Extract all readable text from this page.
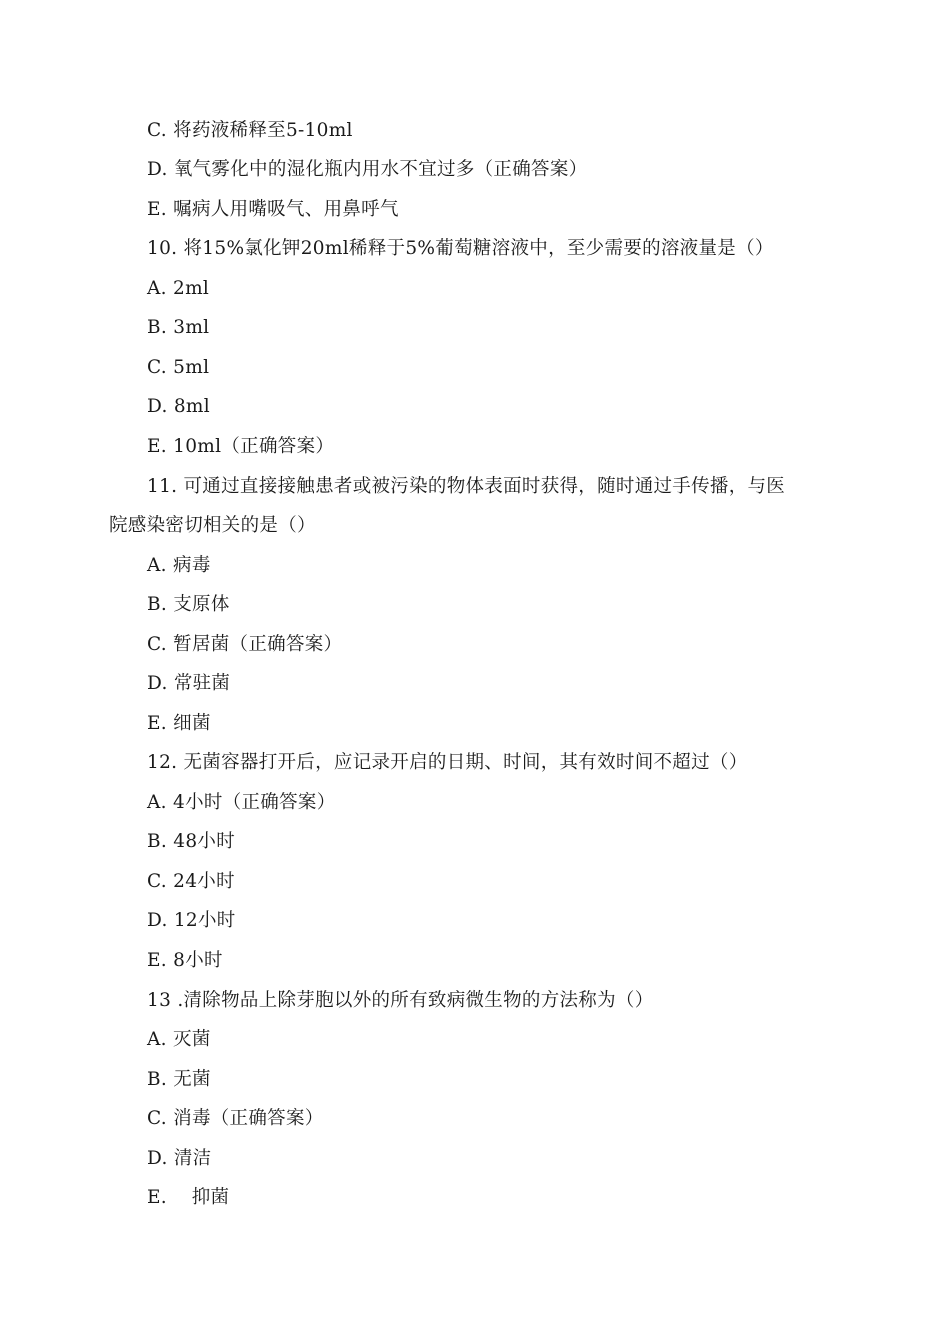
C. 将药液稀释至5-10ml
D. 氧气雾化中的湿化瓶内用水不宜过多（正确答案）
E. 嘱病人用嘴吸气、用鼻呼气
10. 将15%氯化钾20ml稀释于5%葡萄糖溶液中，至少需要的溶液量是（）
A. 2ml
B. 3ml
C. 5ml
D. 8ml
E. 10ml（正确答案）
11. 可通过直接接触患者或被污染的物体表面时获得，随时通过手传播，与医
院感染密切相关的是（）
A. 病毒
B. 支原体
C. 暂居菌（正确答案）
D. 常驻菌
E. 细菌
12. 无菌容器打开后，应记录开启的日期、时间，其有效时间不超过（）
A. 4小时（正确答案）
B. 48小时
C. 24小时
D. 12小时
E. 8小时
13 .清除物品上除芽胞以外的所有致病微生物的方法称为（）
A. 灭菌
B. 无菌
C. 消毒（正确答案）
D. 清洁
E.    抑菌
